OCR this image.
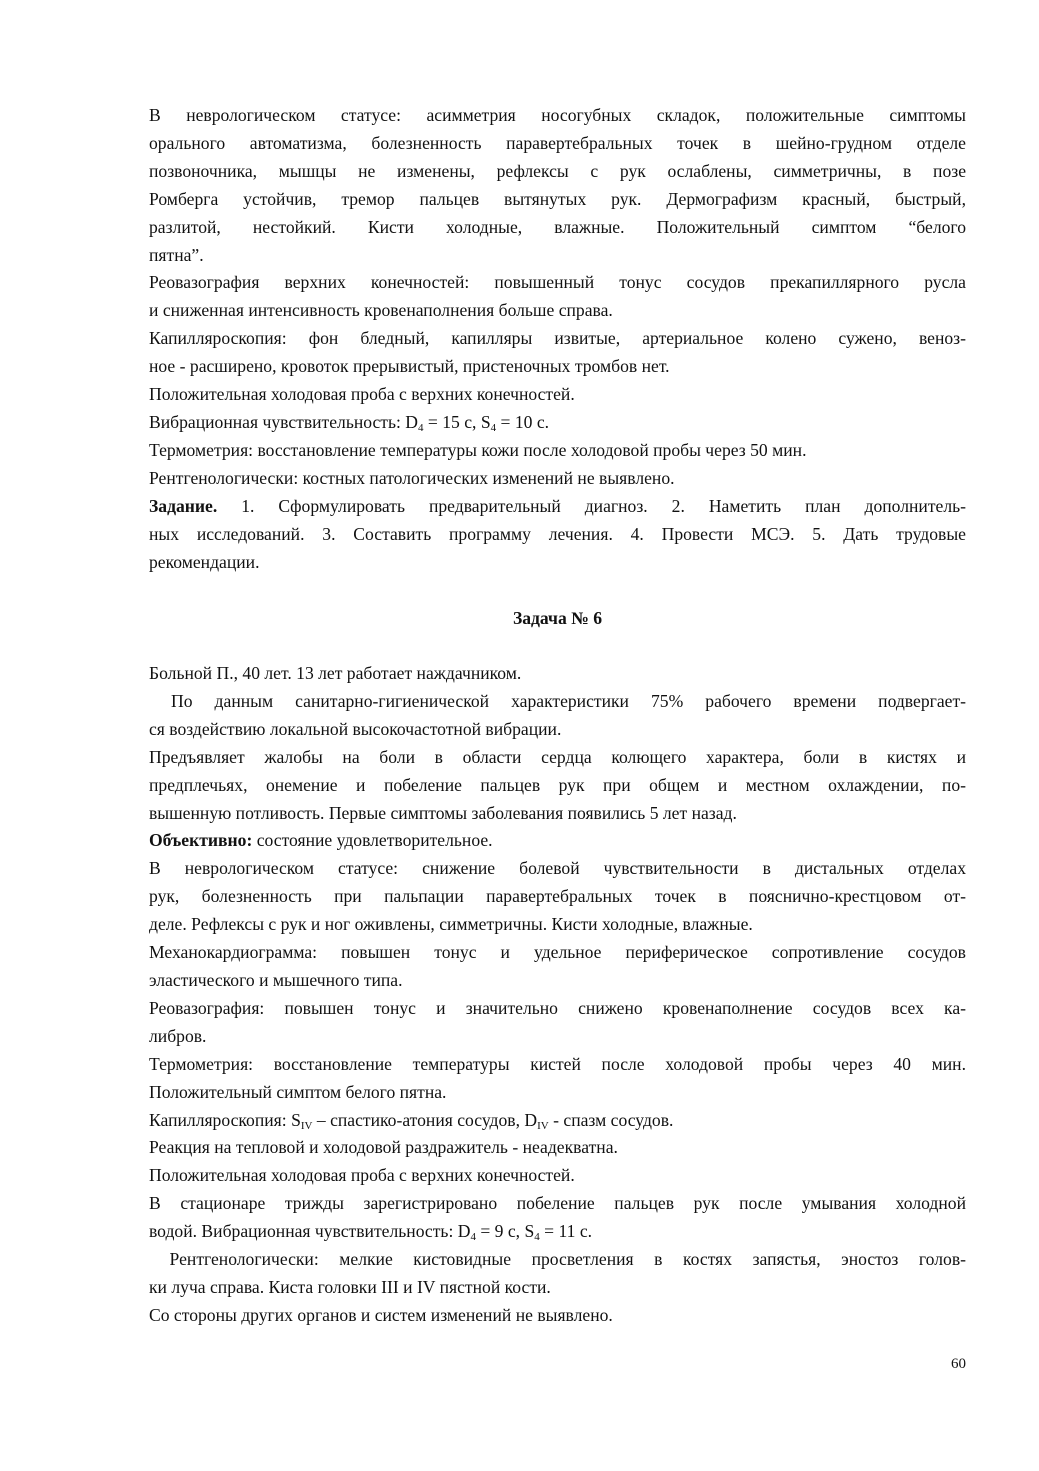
В неврологическом статусе: асимметрия носогубных складок, положительные симптомы
орального автоматизма, болезненность паравертебральных точек в шейно-грудном отделе
позвоночника, мышцы не изменены, рефлексы с рук ослаблены, симметричны, в позе
Ромберга устойчив, тремор пальцев вытянутых рук. Дермографизм красный, быстрый,
разлитой, нестойкий. Кисти холодные, влажные. Положительный симптом “белого
пятна”.
Реовазография верхних конечностей: повышенный тонус сосудов прекапиллярного русла
и сниженная интенсивность кровенаполнения больше справа.
Капилляроскопия: фон бледный, капилляры извитые, артериальное колено сужено, веноз-
ное - расширено, кровоток прерывистый, пристеночных тромбов нет.
Положительная холодовая проба с верхних конечностей.
Вибрационная чувствительность: $D_4 = 15$ с, $S_4 = 10$ с.
Термометрия: восстановление температуры кожи после холодовой пробы через 50 мин.
Рентгенологически: костных патологических изменений не выявлено.
Задание. 1. Сформулировать предварительный диагноз. 2. Наметить план дополнитель-
ных исследований. 3. Составить программу лечения. 4. Провести МСЭ. 5. Дать трудовые
рекомендации.
Задача № 6
Больной П., 40 лет. 13 лет работает наждачником.
По данным санитарно-гигиенической характеристики 75% рабочего времени подвергает-
ся воздействию локальной высокочастотной вибрации.
Предъявляет жалобы на боли в области сердца колющего характера, боли в кистях и
предплечьях, онемение и побеление пальцев рук при общем и местном охлаждении, по-
вышенную потливость. Первые симптомы заболевания появились 5 лет назад.
Объективно: состояние удовлетворительное.
В неврологическом статусе: снижение болевой чувствительности в дистальных отделах
рук, болезненность при пальпации паравертебральных точек в пояснично-крестцовом от-
деле. Рефлексы с рук и ног оживлены, симметричны. Кисти холодные, влажные.
Механокардиограмма: повышен тонус и удельное периферическое сопротивление сосудов
эластического и мышечного типа.
Реовазография: повышен тонус и значительно снижено кровенаполнение сосудов всех ка-
либров.
Термометрия: восстановление температуры кистей после холодовой пробы через 40 мин.
Положительный симптом белого пятна.
Капилляроскопия: $S_{IV}$ – спастико-атония сосудов, $D_{IV}$ - спазм сосудов.
Реакция на тепловой и холодовой раздражитель - неадекватна.
Положительная холодовая проба с верхних конечностей.
В стационаре трижды зарегистрировано побеление пальцев рук после умывания холодной
водой. Вибрационная чувствительность: $D_4 = 9$ с, $S_4 = 11$ с.
Рентгенологически: мелкие кистовидные просветления в костях запястья, эностоз голов-
ки луча справа. Киста головки III и IV пястной кости.
Со стороны других органов и систем изменений не выявлено.
60
